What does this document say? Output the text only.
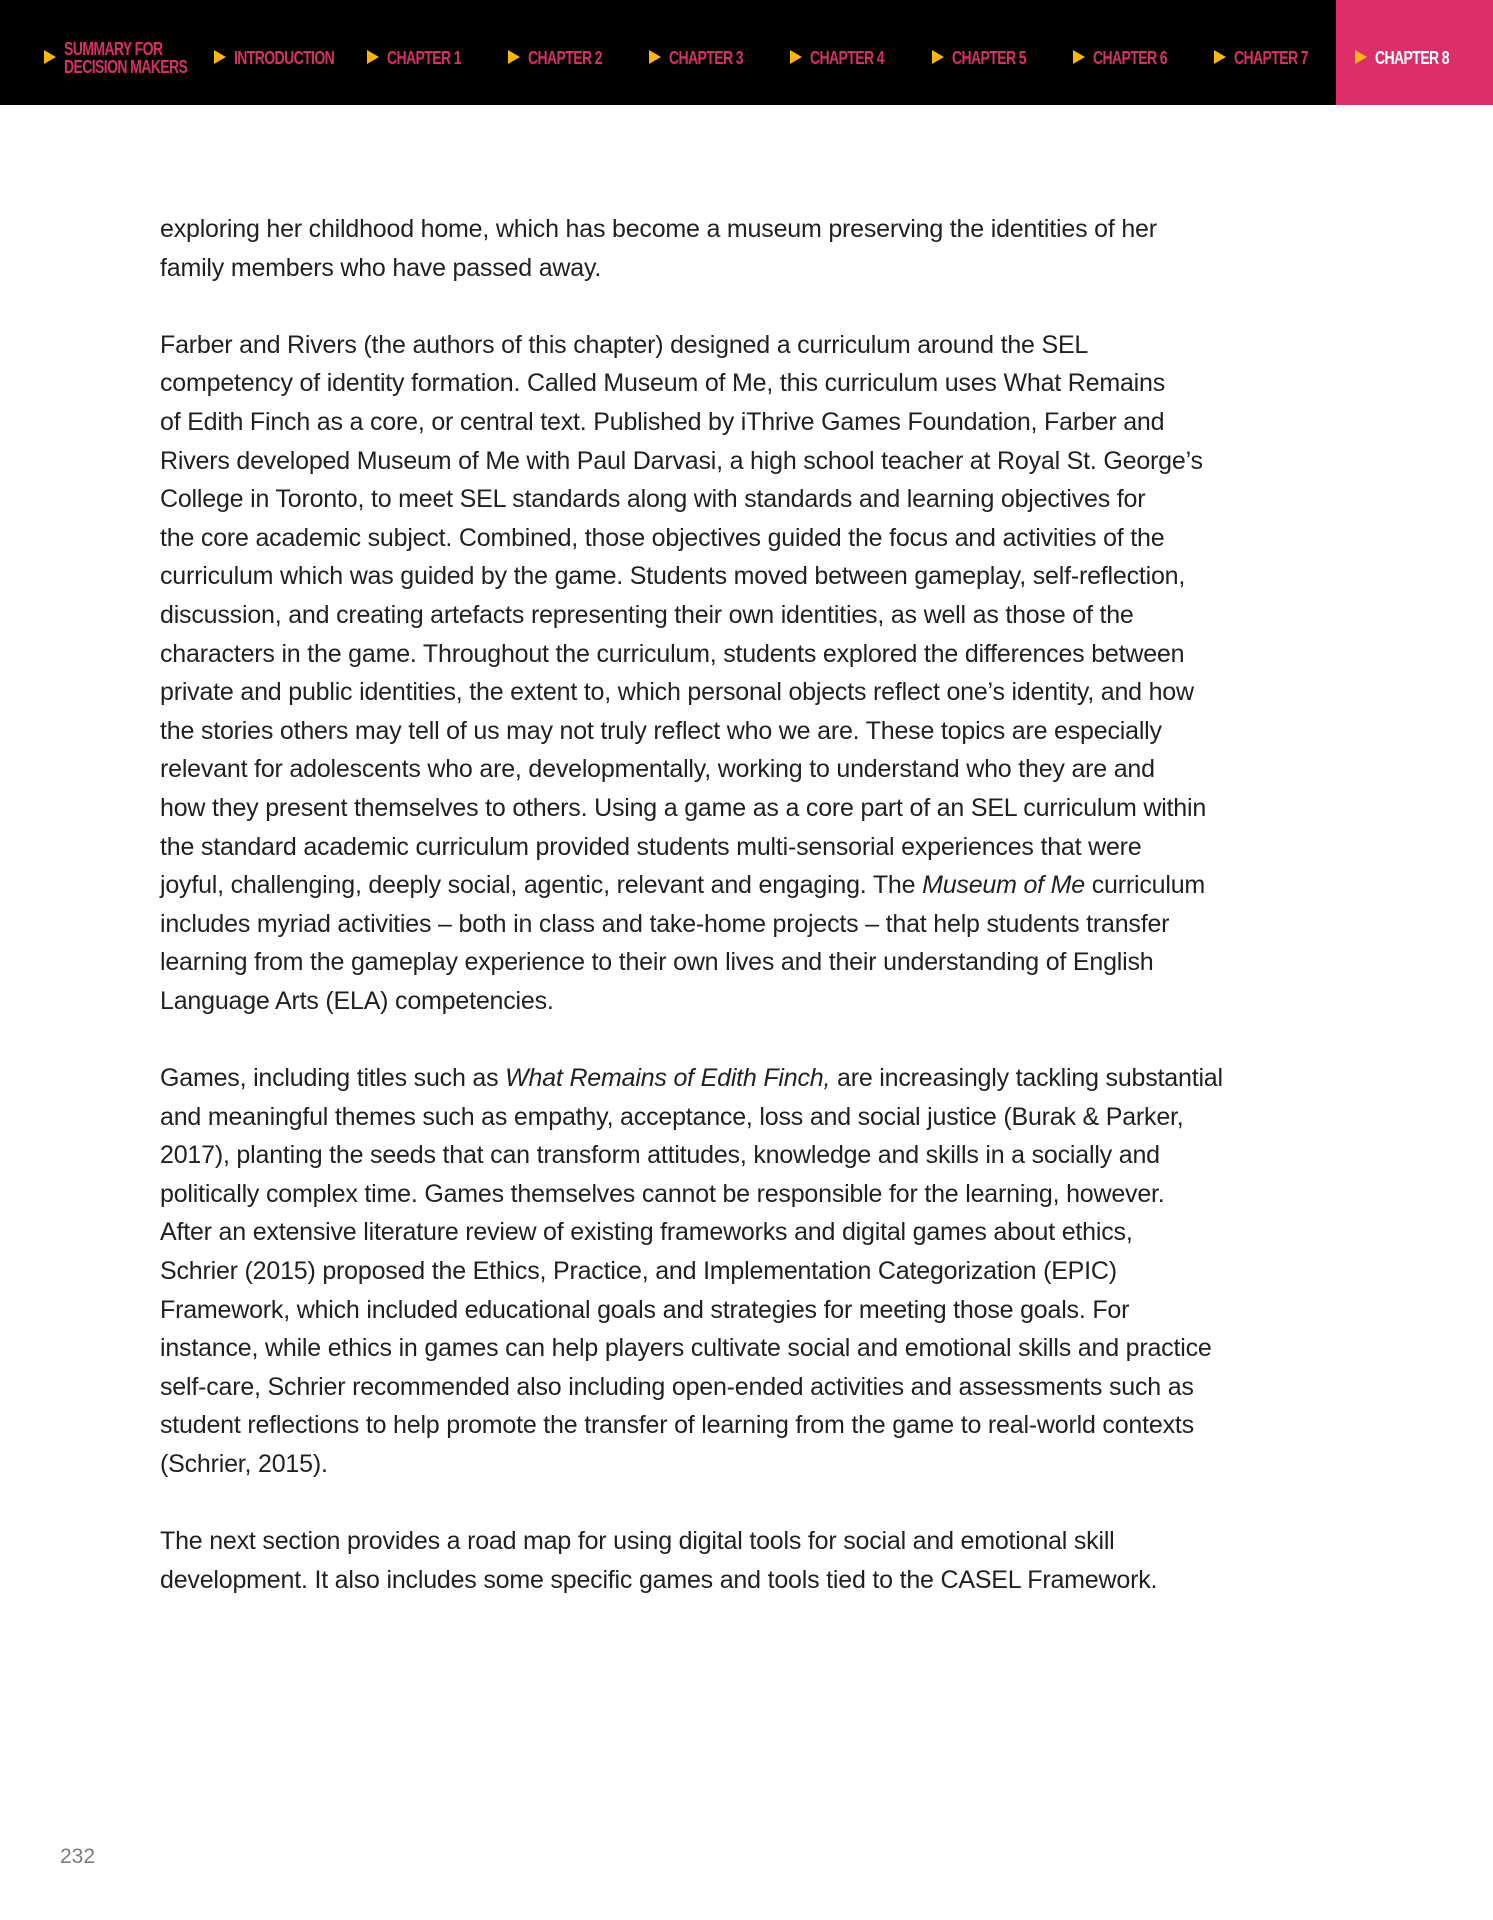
SUMMARY FOR DECISION MAKERS	INTRODUCTION	CHAPTER 1	CHAPTER 2	CHAPTER 3	CHAPTER 4	CHAPTER 5	CHAPTER 6	CHAPTER 7	CHAPTER 8
exploring her childhood home, which has become a museum preserving the identities of her
family members who have passed away.
Farber and Rivers (the authors of this chapter) designed a curriculum around the SEL
competency of identity formation. Called Museum of Me, this curriculum uses What Remains
of Edith Finch as a core, or central text. Published by iThrive Games Foundation, Farber and
Rivers developed Museum of Me with Paul Darvasi, a high school teacher at Royal St. George’s
College in Toronto, to meet SEL standards along with standards and learning objectives for
the core academic subject. Combined, those objectives guided the focus and activities of the
curriculum which was guided by the game. Students moved between gameplay, self-reflection,
discussion, and creating artefacts representing their own identities, as well as those of the
characters in the game. Throughout the curriculum, students explored the differences between
private and public identities, the extent to, which personal objects reflect one’s identity, and how
the stories others may tell of us may not truly reflect who we are. These topics are especially
relevant for adolescents who are, developmentally, working to understand who they are and
how they present themselves to others. Using a game as a core part of an SEL curriculum within
the standard academic curriculum provided students multi-sensorial experiences that were
joyful, challenging, deeply social, agentic, relevant and engaging. The Museum of Me curriculum
includes myriad activities – both in class and take-home projects – that help students transfer
learning from the gameplay experience to their own lives and their understanding of English
Language Arts (ELA) competencies.
Games, including titles such as What Remains of Edith Finch, are increasingly tackling substantial
and meaningful themes such as empathy, acceptance, loss and social justice (Burak & Parker,
2017), planting the seeds that can transform attitudes, knowledge and skills in a socially and
politically complex time. Games themselves cannot be responsible for the learning, however.
After an extensive literature review of existing frameworks and digital games about ethics,
Schrier (2015) proposed the Ethics, Practice, and Implementation Categorization (EPIC)
Framework, which included educational goals and strategies for meeting those goals. For
instance, while ethics in games can help players cultivate social and emotional skills and practice
self-care, Schrier recommended also including open-ended activities and assessments such as
student reflections to help promote the transfer of learning from the game to real-world contexts
(Schrier, 2015).
The next section provides a road map for using digital tools for social and emotional skill
development. It also includes some specific games and tools tied to the CASEL Framework.
232
